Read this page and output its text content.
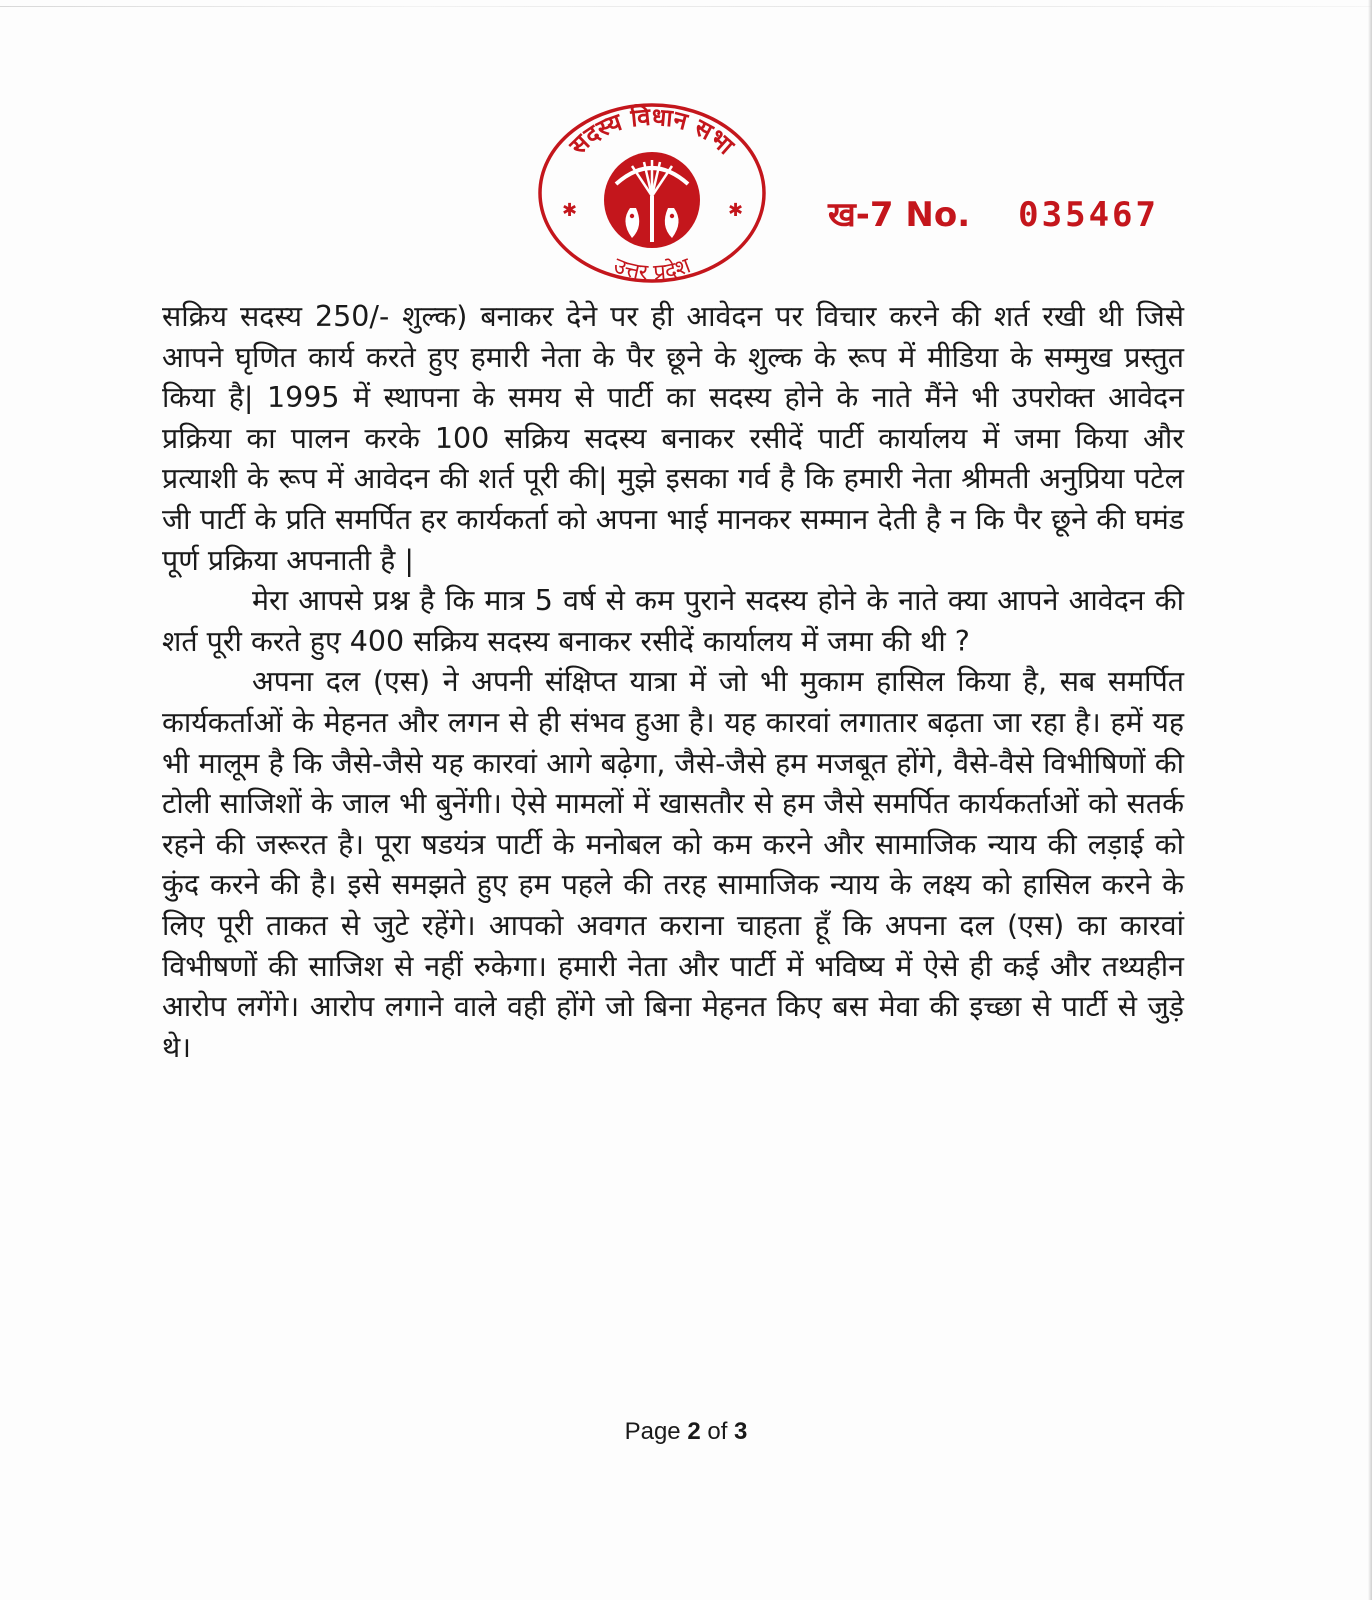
सदस्य विधान सभा
उत्तर प्रदेश
✱	✱ ख-7 No. 035467

सक्रिय सदस्य 250/- शुल्क) बनाकर देने पर ही आवेदन पर विचार करने की शर्त रखी थी जिसे आपने घृणित कार्य करते हुए हमारी नेता के पैर छूने के शुल्क के रूप में मीडिया के सम्मुख प्रस्तुत किया है| 1995 में स्थापना के समय से पार्टी का सदस्य होने के नाते मैंने भी उपरोक्त आवेदन प्रक्रिया का पालन करके 100 सक्रिय सदस्य बनाकर रसीदें पार्टी कार्यालय में जमा किया और प्रत्याशी के रूप में आवेदन की शर्त पूरी की| मुझे इसका गर्व है कि हमारी नेता श्रीमती अनुप्रिया पटेल जी पार्टी के प्रति समर्पित हर कार्यकर्ता को अपना भाई मानकर सम्मान देती है न कि पैर छूने की घमंड पूर्ण प्रक्रिया अपनाती है |

मेरा आपसे प्रश्न है कि मात्र 5 वर्ष से कम पुराने सदस्य होने के नाते क्या आपने आवेदन की शर्त पूरी करते हुए 400 सक्रिय सदस्य बनाकर रसीदें कार्यालय में जमा की थी ?

अपना दल (एस) ने अपनी संक्षिप्त यात्रा में जो भी मुकाम हासिल किया है, सब समर्पित कार्यकर्ताओं के मेहनत और लगन से ही संभव हुआ है। यह कारवां लगातार बढ़ता जा रहा है। हमें यह भी मालूम है कि जैसे-जैसे यह कारवां आगे बढ़ेगा, जैसे-जैसे हम मजबूत होंगे, वैसे-वैसे विभीषिणों की टोली साजिशों के जाल भी बुनेंगी। ऐसे मामलों में खासतौर से हम जैसे समर्पित कार्यकर्ताओं को सतर्क रहने की जरूरत है। पूरा षडयंत्र पार्टी के मनोबल को कम करने और सामाजिक न्याय की लड़ाई को कुंद करने की है। इसे समझते हुए हम पहले की तरह सामाजिक न्याय के लक्ष्य को हासिल करने के लिए पूरी ताकत से जुटे रहेंगे। आपको अवगत कराना चाहता हूँ कि अपना दल (एस) का कारवां विभीषणों की साजिश से नहीं रुकेगा। हमारी नेता और पार्टी में भविष्य में ऐसे ही कई और तथ्यहीन आरोप लगेंगे। आरोप लगाने वाले वही होंगे जो बिना मेहनत किए बस मेवा की इच्छा से पार्टी से जुड़े थे।

Page 2 of 3
